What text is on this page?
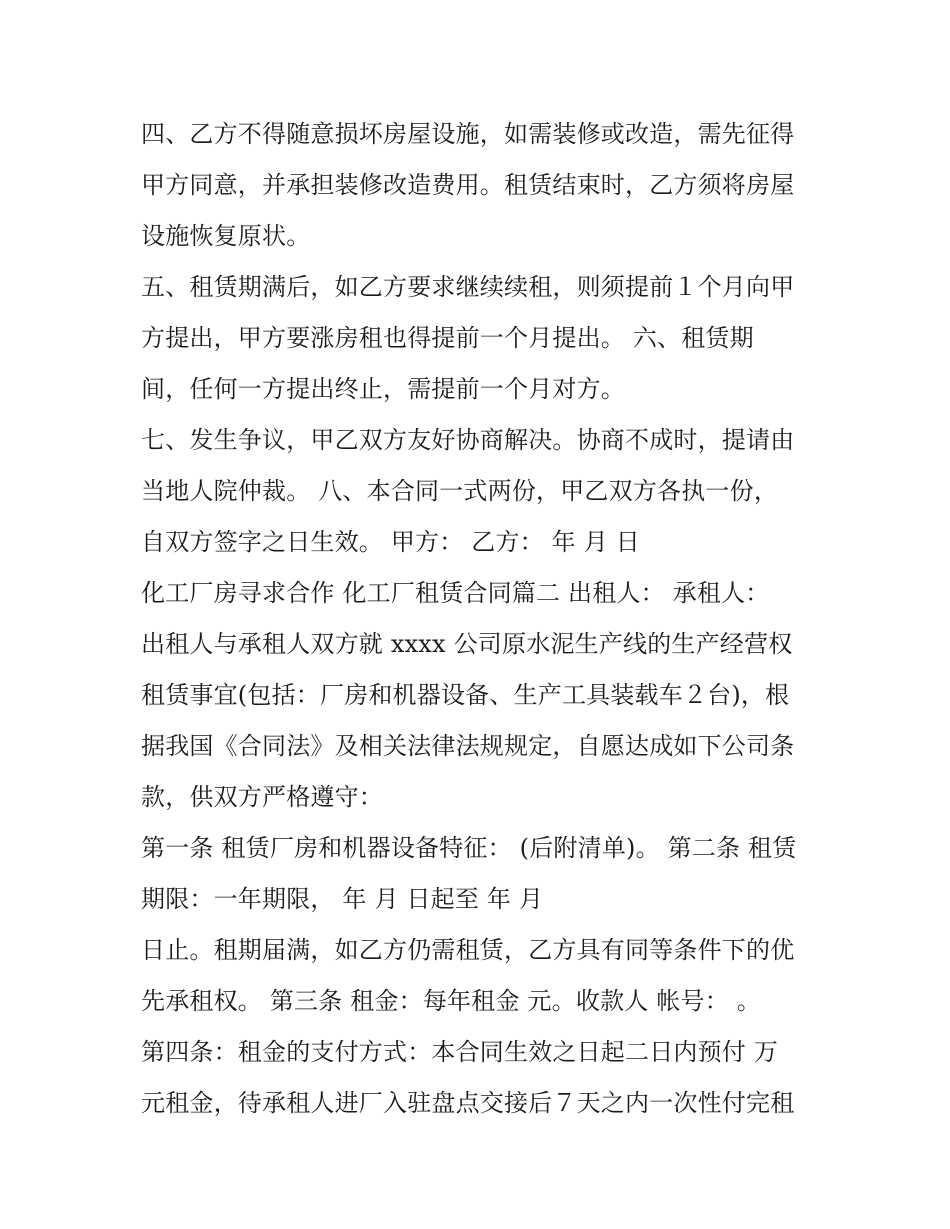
四、乙方不得随意损坏房屋设施，如需装修或改造，需先征得
甲方同意，并承担装修改造费用。租赁结束时，乙方须将房屋
设施恢复原状。
五、租赁期满后，如乙方要求继续续租，则须提前１个月向甲
方提出，甲方要涨房租也得提前一个月提出。 六、租赁期
间，任何一方提出终止，需提前一个月对方。
七、发生争议，甲乙双方友好协商解决。协商不成时，提请由
当地人院仲裁。 八、本合同一式两份，甲乙双方各执一份，
自双方签字之日生效。 甲方： 乙方： 年 月 日
化工厂房寻求合作 化工厂租赁合同篇二 出租人： 承租人：
出租人与承租人双方就 xxxx 公司原水泥生产线的生产经营权
租赁事宜(包括：厂房和机器设备、生产工具装载车２台)，根
据我国《合同法》及相关法律法规规定，自愿达成如下公司条
款，供双方严格遵守：
第一条 租赁厂房和机器设备特征： (后附清单)。 第二条 租赁
期限：一年期限， 年 月 日起至 年 月
日止。租期届满，如乙方仍需租赁，乙方具有同等条件下的优
先承租权。 第三条 租金：每年租金 元。收款人 帐号： 。
第四条：租金的支付方式：本合同生效之日起二日内预付 万
元租金，待承租人进厂入驻盘点交接后７天之内一次性付完租
